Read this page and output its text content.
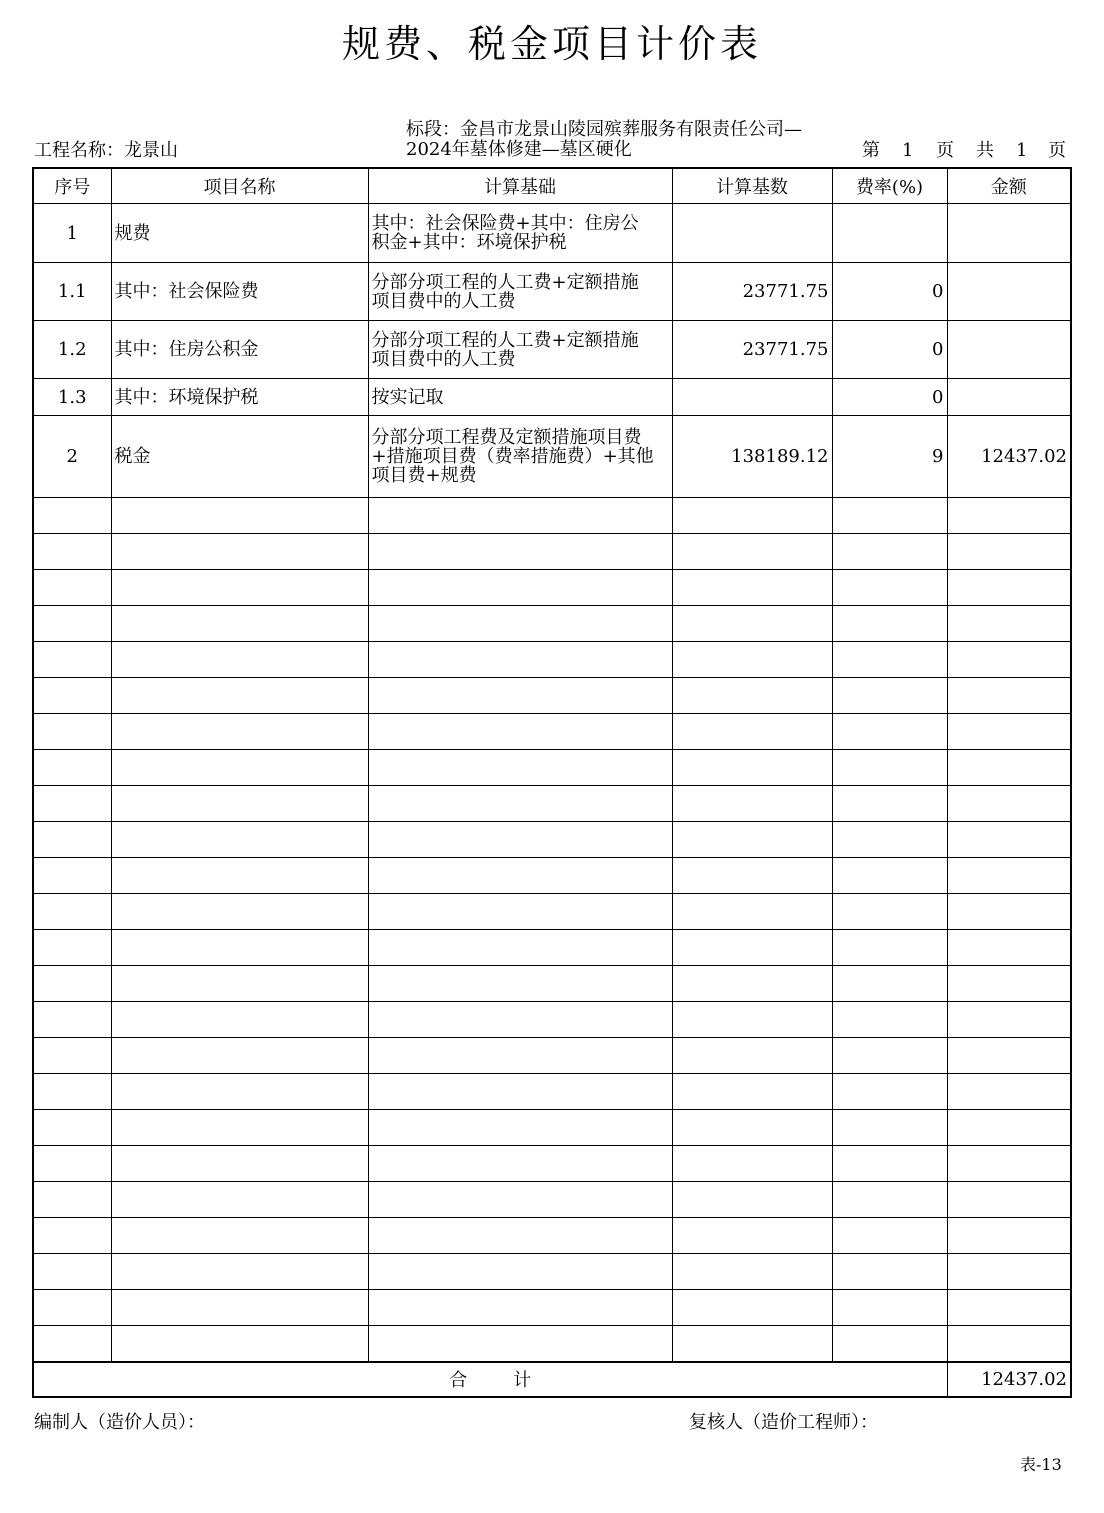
规费、税金项目计价表
工程名称：龙景山
标段：金昌市龙景山陵园殡葬服务有限责任公司—
2024年墓体修建—墓区硬化	第 1 页 共 1 页
序号	项目名称	计算基础	计算基数	费率(%)	金额
1	规费	其中：社会保险费+其中：住房公
积金+其中：环境保护税			

1.1	其中：社会保险费	分部分项工程的人工费+定额措施
项目费中的人工费	23771.75	0	
1.2	其中：住房公积金	分部分项工程的人工费+定额措施
项目费中的人工费	23771.75	0	
1.3	其中：环境保护税	按实记取		0	
2	税金	分部分项工程费及定额措施项目费
+措施项目费（费率措施费）+其他
项目费+规费	138189.12	9	12437.02

合 计					12437.02
编制人（造价人员）：	复核人（造价工程师）：
表-13
